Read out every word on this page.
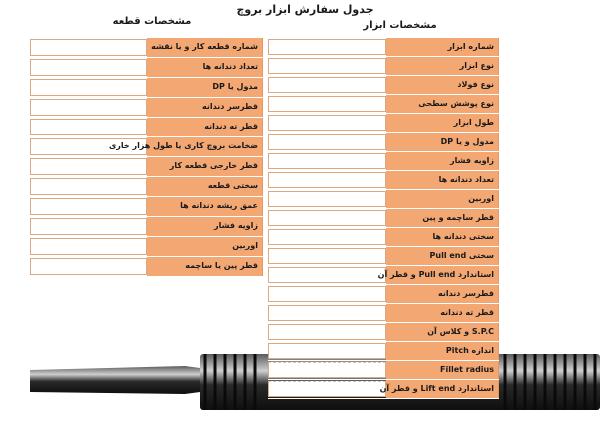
جدول سفارش ابزار بروچ
مشخصات ابزار
مشخصات قطعه
شماره قطعه کار و یا نقشه
تعداد دندانه ها
مدول یا DP
قطرسر دندانه
قطر ته دندانه
ضخامت بروچ کاری یا طول هزار خاری
قطر خارجی قطعه کار
سختی قطعه
عمق ریشه دندانه ها
زاویه فشار
اوربین
قطر پین یا ساچمه
شماره ابزار
نوع ابزار
نوع فولاد
نوع پوشش سطحی
طول ابزار
مدول و یا DP
زاویه فشار
تعداد دندانه ها
اوربین
قطر ساچمه و پین
سختی دندانه ها
سختی Pull end
استاندارد Pull end و قطر آن
قطرسر دندانه
قطر ته دندانه
S.P.C و کلاس آن
اندازه Pitch
Fillet radius
استاندارد Lift end و قطر آن
